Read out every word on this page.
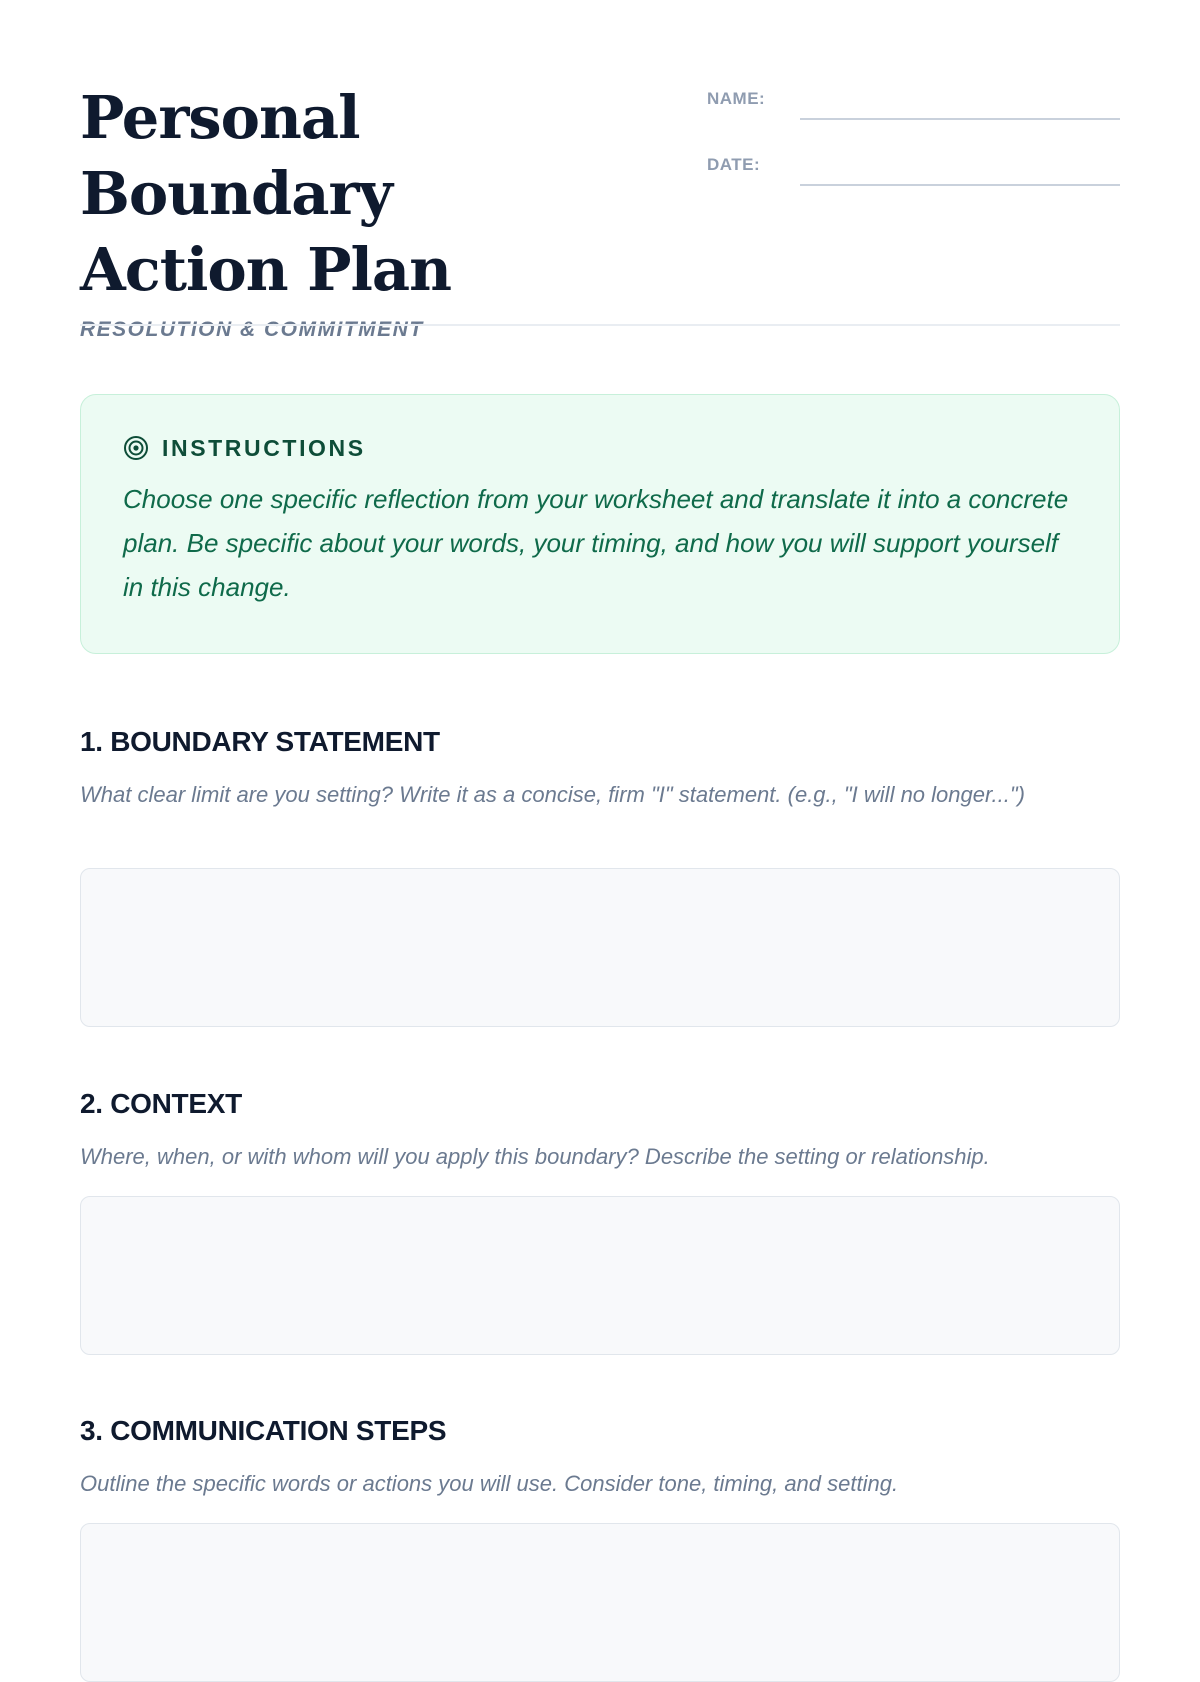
Personal Boundary
Action Plan
RESOLUTION & COMMITMENT
NAME:
DATE:
INSTRUCTIONS
Choose one specific reflection from your worksheet and translate it into a concrete plan. Be specific about your words, your timing, and how you will support yourself in this change.
1. BOUNDARY STATEMENT
What clear limit are you setting? Write it as a concise, firm "I" statement. (e.g., "I will no longer...")
2. CONTEXT
Where, when, or with whom will you apply this boundary? Describe the setting or relationship.
3. COMMUNICATION STEPS
Outline the specific words or actions you will use. Consider tone, timing, and setting.
